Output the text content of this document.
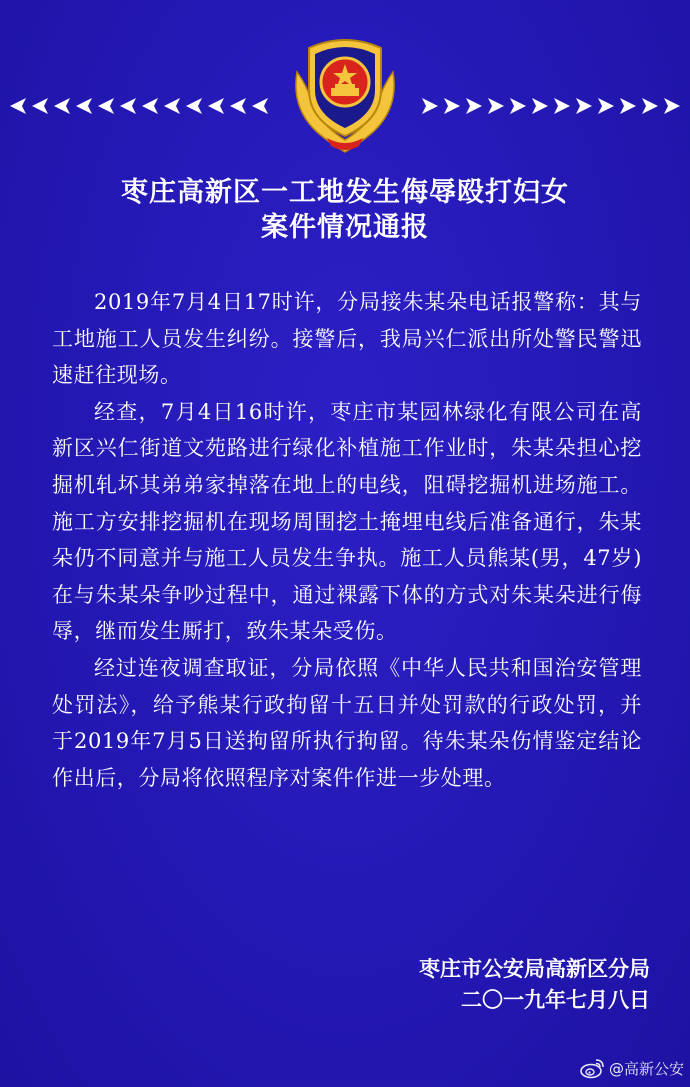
枣庄高新区一工地发生侮辱殴打妇女
案件情况通报

2019年7月4日17时许，分局接朱某朵电话报警称：其与工地施工人员发生纠纷。接警后，我局兴仁派出所处警民警迅速赶往现场。

经查，7月4日16时许，枣庄市某园林绿化有限公司在高新区兴仁街道文苑路进行绿化补植施工作业时，朱某朵担心挖掘机轧坏其弟弟家掉落在地上的电线，阻碍挖掘机进场施工。施工方安排挖掘机在现场周围挖土掩埋电线后准备通行，朱某朵仍不同意并与施工人员发生争执。施工人员熊某(男，47岁)在与朱某朵争吵过程中，通过裸露下体的方式对朱某朵进行侮辱，继而发生厮打，致朱某朵受伤。

经过连夜调查取证，分局依照《中华人民共和国治安管理处罚法》，给予熊某行政拘留十五日并处罚款的行政处罚，并于2019年7月5日送拘留所执行拘留。待朱某朵伤情鉴定结论作出后，分局将依照程序对案件作进一步处理。

枣庄市公安局高新区分局
二〇一九年七月八日
@高新公安
